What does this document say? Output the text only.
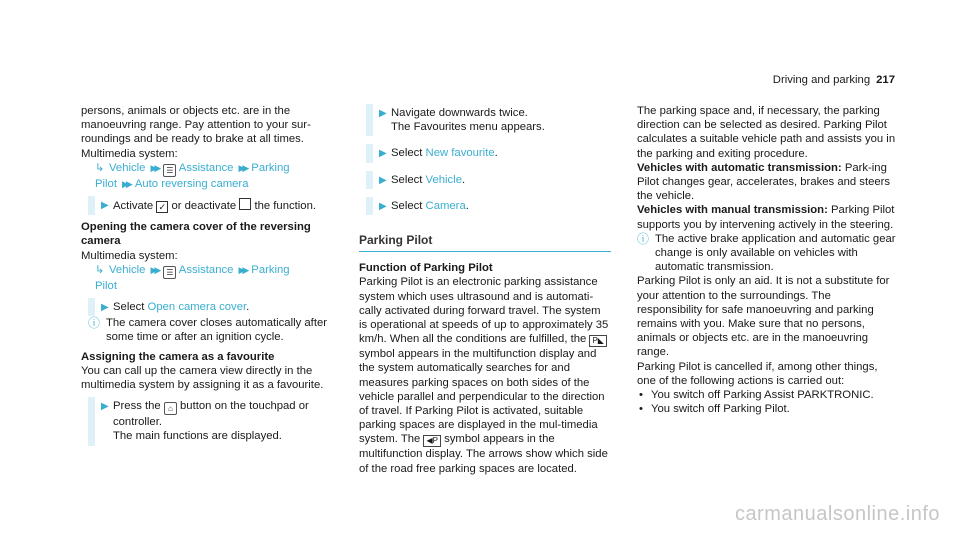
Driving and parking 217

persons, animals or objects etc. are in the manoeuvring range. Pay attention to your sur-roundings and be ready to brake at all times.

Multimedia system:

↳ Vehicle ▶▶ ☰ Assistance ▶▶ Parking
Pilot ▶▶ Auto reversing camera
▶ Activate ✓ or deactivate the function.

Opening the camera cover of the reversing camera

Multimedia system:

↳ Vehicle ▶▶ ☰ Assistance ▶▶ Parking
Pilot
▶ Select Open camera cover.
ⓘ The camera cover closes automatically after some time or after an ignition cycle.

Assigning the camera as a favourite

You can call up the camera view directly in the multimedia system by assigning it as a favourite.

▶ Press the ⌂ button on the touchpad or controller.
The main functions are displayed.
▶ Navigate downwards twice.
The Favourites menu appears.
▶ Select New favourite.
▶ Select Vehicle.
▶ Select Camera.
Parking Pilot

Function of Parking Pilot

Parking Pilot is an electronic parking assistance system which uses ultrasound and is automati-cally activated during forward travel. The system is operational at speeds of up to approximately 35 km/h. When all the conditions are fulfilled, the P◣ symbol appears in the multifunction display and the system automatically searches for and measures parking spaces on both sides of the vehicle parallel and perpendicular to the direction of travel. If Parking Pilot is activated, suitable parking spaces are displayed in the mul-timedia system. The ◀P symbol appears in the multifunction display. The arrows show which side of the road free parking spaces are located.

The parking space and, if necessary, the parking direction can be selected as desired. Parking Pilot calculates a suitable vehicle path and assists you in the parking and exiting procedure.

Vehicles with automatic transmission: Park-ing Pilot changes gear, accelerates, brakes and steers the vehicle.

Vehicles with manual transmission: Parking Pilot supports you by intervening actively in the steering.

ⓘ The active brake application and automatic gear change is only available on vehicles with automatic transmission.

Parking Pilot is only an aid. It is not a substitute for your attention to the surroundings. The responsibility for safe manoeuvring and parking remains with you. Make sure that no persons, animals or objects etc. are in the manoeuvring range.

Parking Pilot is cancelled if, among other things, one of the following actions is carried out:

• You switch off Parking Assist PARKTRONIC.
• You switch off Parking Pilot.
carmanualsonline.info
